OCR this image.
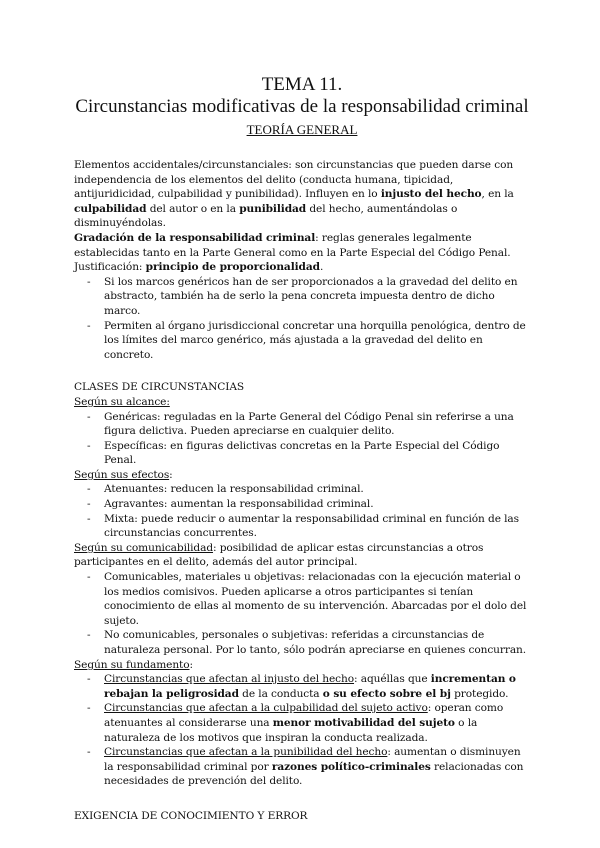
TEMA 11.
Circunstancias modificativas de la responsabilidad criminal
TEORÍA GENERAL

Elementos accidentales/circunstanciales: son circunstancias que pueden darse con independencia de los elementos del delito (conducta humana, tipicidad, antijuridicidad, culpabilidad y punibilidad). Influyen en lo injusto del hecho, en la culpabilidad del autor o en la punibilidad del hecho, aumentándolas o disminuyéndolas.

Gradación de la responsabilidad criminal: reglas generales legalmente establecidas tanto en la Parte General como en la Parte Especial del Código Penal.

Justificación: principio de proporcionalidad.

- Si los marcos genéricos han de ser proporcionados a la gravedad del delito en abstracto, también ha de serlo la pena concreta impuesta dentro de dicho marco.
- Permiten al órgano jurisdiccional concretar una horquilla penológica, dentro de los límites del marco genérico, más ajustada a la gravedad del delito en concreto.

CLASES DE CIRCUNSTANCIAS

Según su alcance:

- Genéricas: reguladas en la Parte General del Código Penal sin referirse a una figura delictiva. Pueden apreciarse en cualquier delito.
- Específicas: en figuras delictivas concretas en la Parte Especial del Código Penal.

Según sus efectos:

- Atenuantes: reducen la responsabilidad criminal.
- Agravantes: aumentan la responsabilidad criminal.
- Mixta: puede reducir o aumentar la responsabilidad criminal en función de las circunstancias concurrentes.

Según su comunicabilidad: posibilidad de aplicar estas circunstancias a otros participantes en el delito, además del autor principal.

- Comunicables, materiales u objetivas: relacionadas con la ejecución material o los medios comisivos. Pueden aplicarse a otros participantes si tenían conocimiento de ellas al momento de su intervención. Abarcadas por el dolo del sujeto.
- No comunicables, personales o subjetivas: referidas a circunstancias de naturaleza personal. Por lo tanto, sólo podrán apreciarse en quienes concurran.

Según su fundamento:

- Circunstancias que afectan al injusto del hecho: aquéllas que incrementan o rebajan la peligrosidad de la conducta o su efecto sobre el bj protegido.
- Circunstancias que afectan a la culpabilidad del sujeto activo: operan como atenuantes al considerarse una menor motivabilidad del sujeto o la naturaleza de los motivos que inspiran la conducta realizada.
- Circunstancias que afectan a la punibilidad del hecho: aumentan o disminuyen la responsabilidad criminal por razones político-criminales relacionadas con necesidades de prevención del delito.

EXIGENCIA DE CONOCIMIENTO Y ERROR
